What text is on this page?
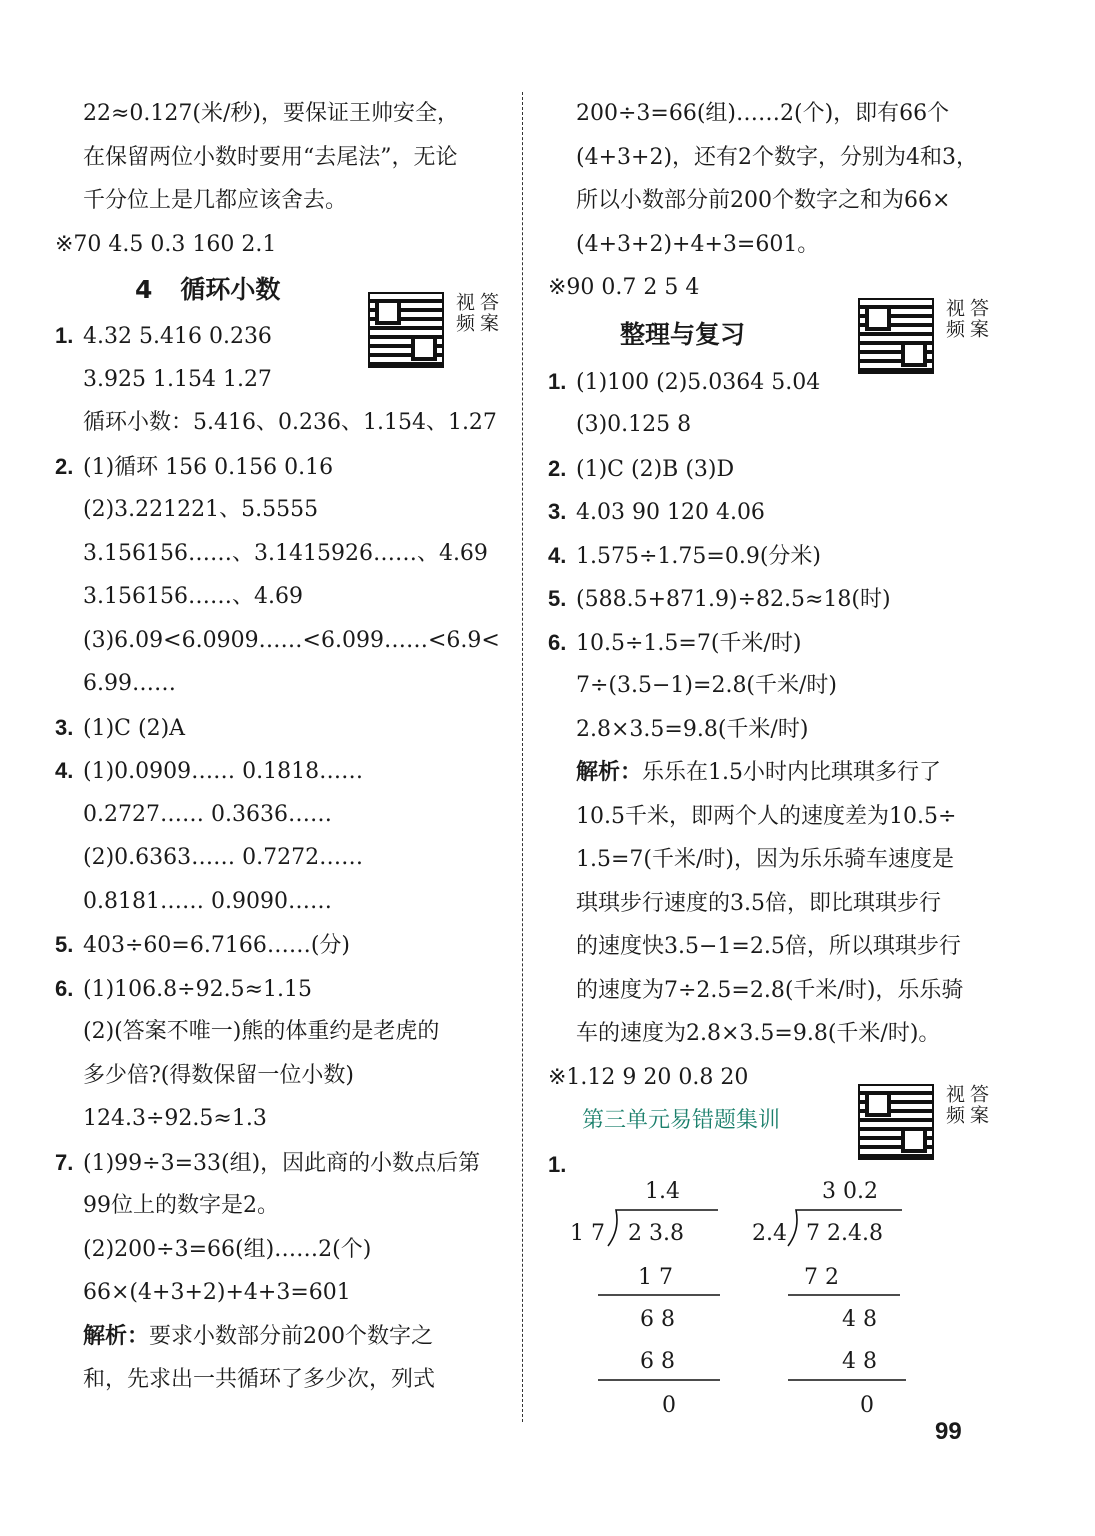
22≈0.127(米/秒)，要保证王帅安全，
在保留两位小数时要用“去尾法”，无论
千分位上是几都应该舍去。
※70 4.5 0.3 160 2.1
4 循环小数
1. 4.32 5.416 0.236
3.925 1.154 1.27
循环小数：5.416、0.236、1.154、1.27
2. (1)循环 156 0.156 0.16
(2)3.221221、5.5555
3.156156……、3.1415926……、4.69
3.156156……、4.69
(3)6.09<6.0909……<6.099……<6.9<
6.99……
3. (1)C (2)A
4. (1)0.0909…… 0.1818……
0.2727…… 0.3636……
(2)0.6363…… 0.7272……
0.8181…… 0.9090……
5. 403÷60=6.7166……(分)
6. (1)106.8÷92.5≈1.15
(2)(答案不唯一)熊的体重约是老虎的
多少倍?(得数保留一位小数)
124.3÷92.5≈1.3
7. (1)99÷3=33(组)，因此商的小数点后第
99位上的数字是2。
(2)200÷3=66(组)……2(个)
66×(4+3+2)+4+3=601
解析：要求小数部分前200个数字之
和，先求出一共循环了多少次，列式
答案
视频	答案
视频
答案
视频
200÷3=66(组)……2(个)，即有66个
(4+3+2)，还有2个数字，分别为4和3，
所以小数部分前200个数字之和为66×
(4+3+2)+4+3=601。
※90 0.7 2 5 4
整理与复习
1. (1)100 (2)5.0364 5.04
(3)0.125 8
2. (1)C (2)B (3)D
3. 4.03 90 120 4.06
4. 1.575÷1.75=0.9(分米)
5. (588.5+871.9)÷82.5≈18(时)
6. 10.5÷1.5=7(千米/时)
7÷(3.5−1)=2.8(千米/时)
2.8×3.5=9.8(千米/时)
解析：乐乐在1.5小时内比琪琪多行了
10.5千米，即两个人的速度差为10.5÷
1.5=7(千米/时)，因为乐乐骑车速度是
琪琪步行速度的3.5倍，即比琪琪步行
的速度快3.5−1=2.5倍，所以琪琪步行
的速度为7÷2.5=2.8(千米/时)，乐乐骑
车的速度为2.8×3.5=9.8(千米/时)。
※1.12 9 20 0.8 20
第三单元易错题集训
1.
1.4
1 7 2 3.8
1 7
6 8
6 8
0
3 0.2
2.4 7 2.4.8
7 2
4 8
4 8
0
99
